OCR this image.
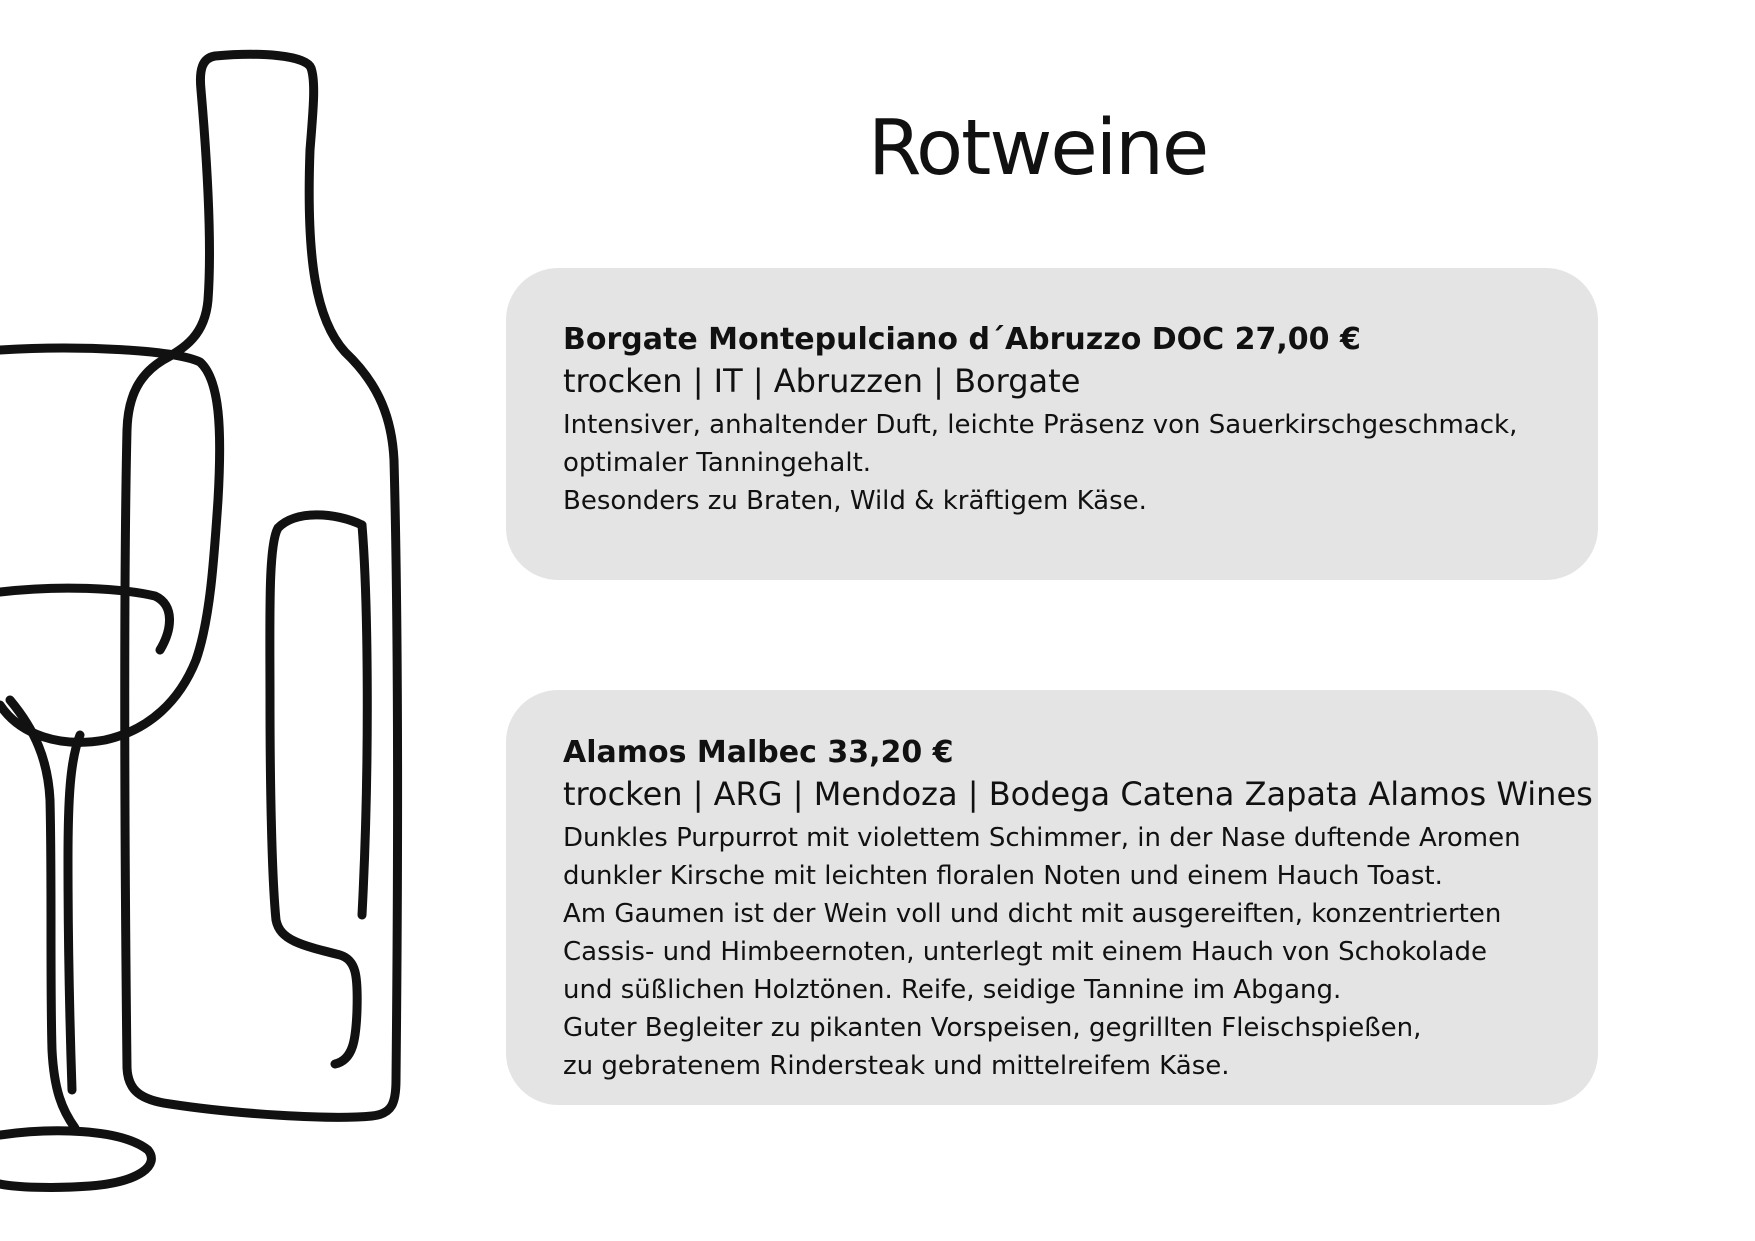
Rotweine
Borgate Montepulciano d´Abruzzo DOC 27,00 €
trocken | IT | Abruzzen | Borgate
Intensiver, anhaltender Duft, leichte Präsenz von Sauerkirschgeschmack,
optimaler Tanningehalt.
Besonders zu Braten, Wild & kräftigem Käse.
Alamos Malbec 33,20 €
trocken | ARG | Mendoza | Bodega Catena Zapata Alamos Wines
Dunkles Purpurrot mit violettem Schimmer, in der Nase duftende Aromen
dunkler Kirsche mit leichten floralen Noten und einem Hauch Toast.
Am Gaumen ist der Wein voll und dicht mit ausgereiften, konzentrierten
Cassis- und Himbeernoten, unterlegt mit einem Hauch von Schokolade
und süßlichen Holztönen. Reife, seidige Tannine im Abgang.
Guter Begleiter zu pikanten Vorspeisen, gegrillten Fleischspießen,
zu gebratenem Rindersteak und mittelreifem Käse.
